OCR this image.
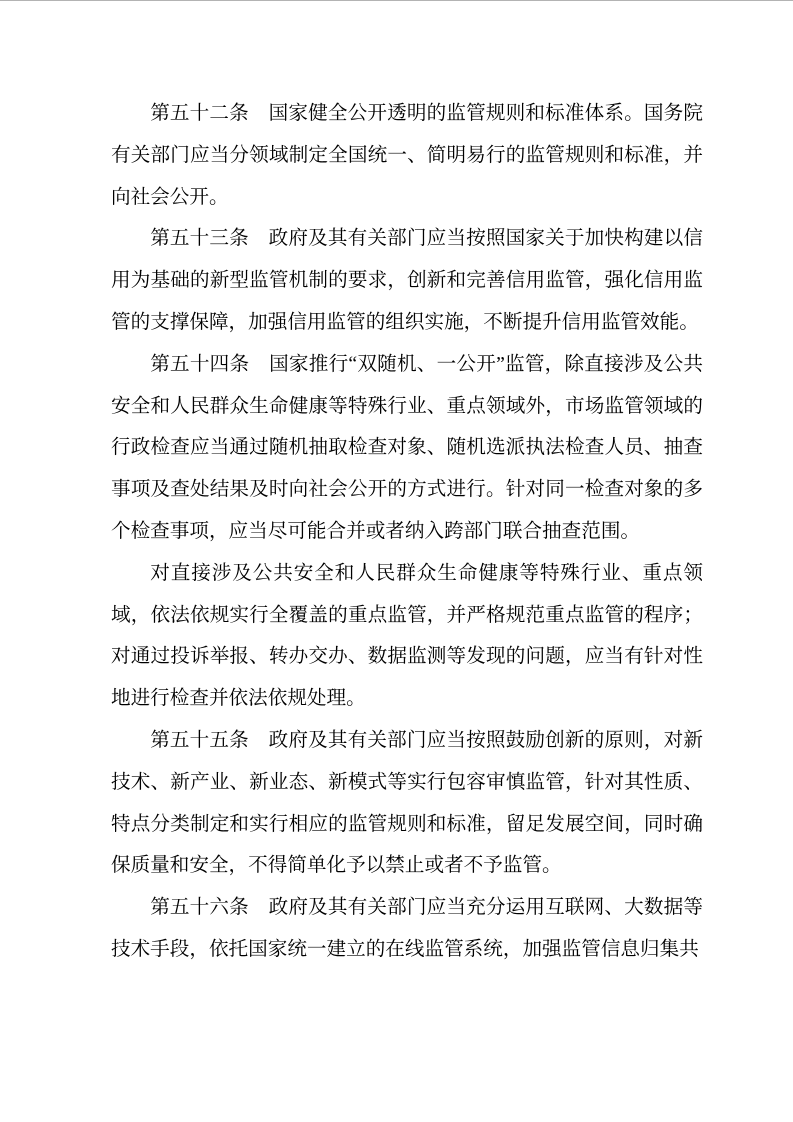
第五十二条　国家健全公开透明的监管规则和标准体系。国务院有关部门应当分领域制定全国统一、简明易行的监管规则和标准，并向社会公开。

第五十三条　政府及其有关部门应当按照国家关于加快构建以信用为基础的新型监管机制的要求，创新和完善信用监管，强化信用监管的支撑保障，加强信用监管的组织实施，不断提升信用监管效能。

第五十四条　国家推行“双随机、一公开”监管，除直接涉及公共安全和人民群众生命健康等特殊行业、重点领域外，市场监管领域的行政检查应当通过随机抽取检查对象、随机选派执法检查人员、抽查事项及查处结果及时向社会公开的方式进行。针对同一检查对象的多个检查事项，应当尽可能合并或者纳入跨部门联合抽查范围。

对直接涉及公共安全和人民群众生命健康等特殊行业、重点领域，依法依规实行全覆盖的重点监管，并严格规范重点监管的程序；对通过投诉举报、转办交办、数据监测等发现的问题，应当有针对性地进行检查并依法依规处理。

第五十五条　政府及其有关部门应当按照鼓励创新的原则，对新技术、新产业、新业态、新模式等实行包容审慎监管，针对其性质、特点分类制定和实行相应的监管规则和标准，留足发展空间，同时确保质量和安全，不得简单化予以禁止或者不予监管。

第五十六条　政府及其有关部门应当充分运用互联网、大数据等技术手段，依托国家统一建立的在线监管系统，加强监管信息归集共
